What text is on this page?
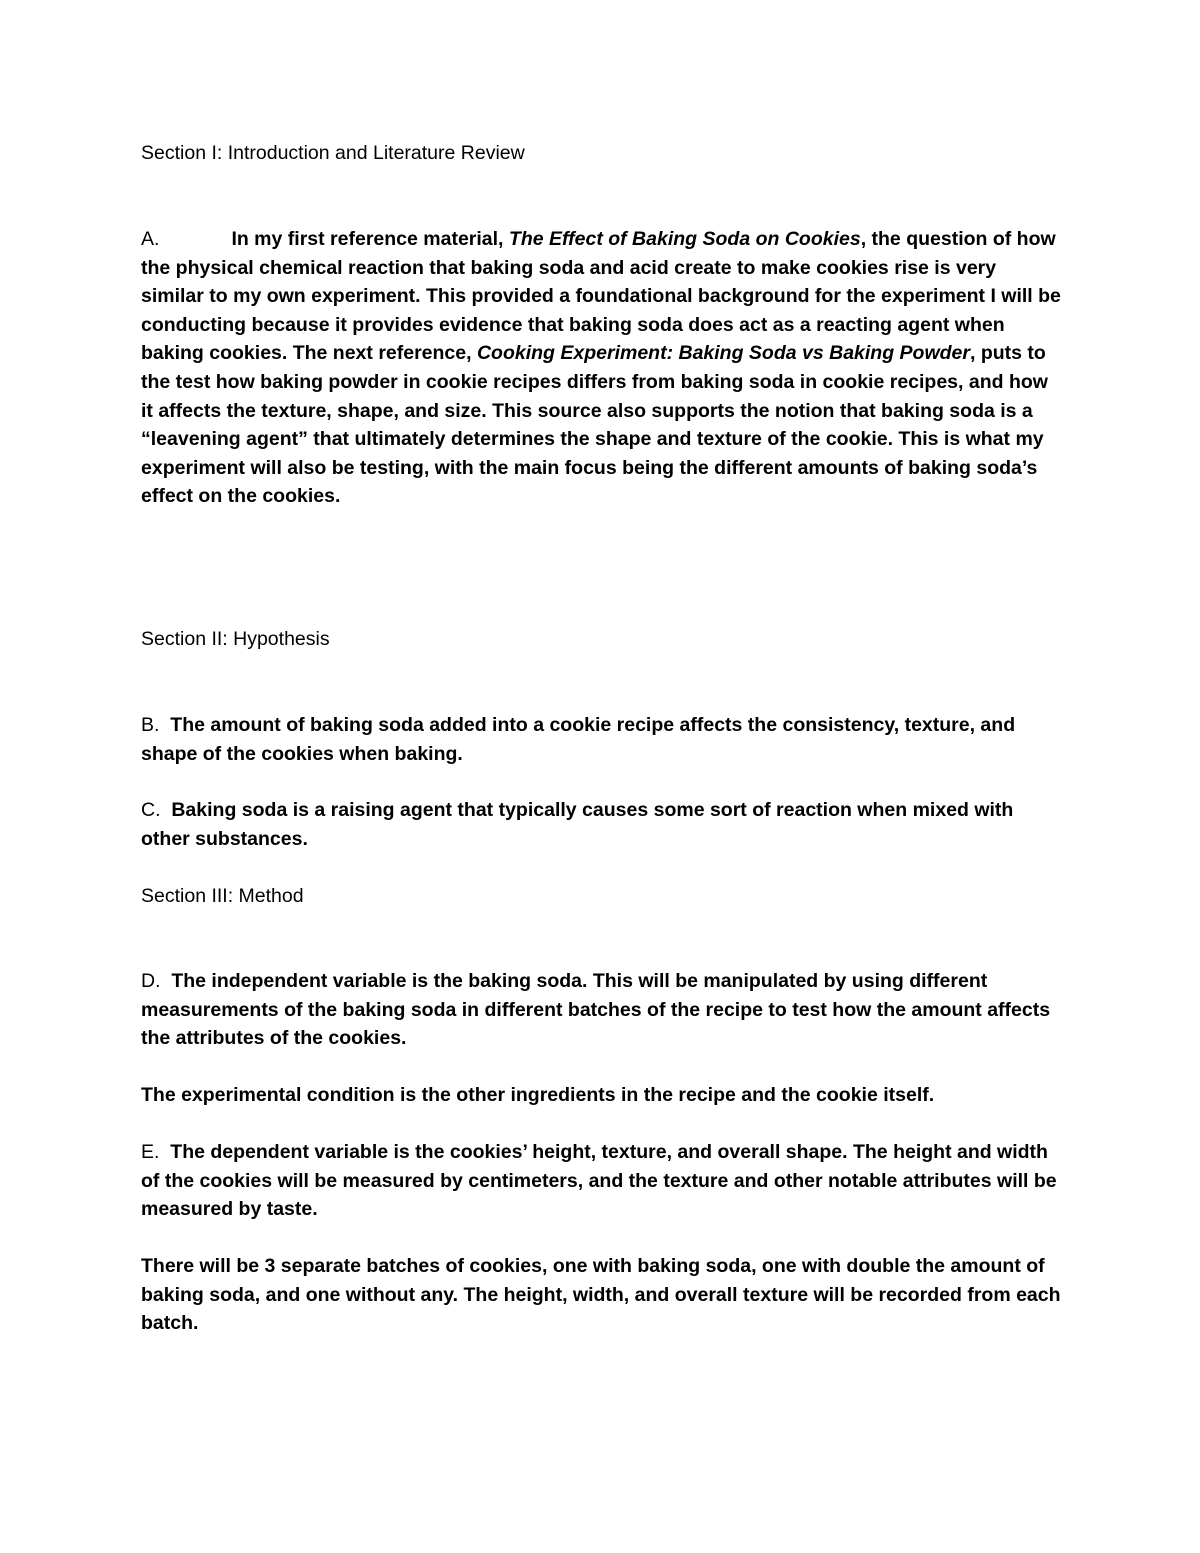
Section I: Introduction and Literature Review

A.	In my first reference material, The Effect of Baking Soda on Cookies, the question of how the physical chemical reaction that baking soda and acid create to make cookies rise is very similar to my own experiment. This provided a foundational background for the experiment I will be conducting because it provides evidence that baking soda does act as a reacting agent when baking cookies. The next reference, Cooking Experiment: Baking Soda vs Baking Powder, puts to the test how baking powder in cookie recipes differs from baking soda in cookie recipes, and how it affects the texture, shape, and size. This source also supports the notion that baking soda is a “leavening agent” that ultimately determines the shape and texture of the cookie. This is what my experiment will also be testing, with the main focus being the different amounts of baking soda’s effect on the cookies.

Section II: Hypothesis

B. The amount of baking soda added into a cookie recipe affects the consistency, texture, and shape of the cookies when baking.

C. Baking soda is a raising agent that typically causes some sort of reaction when mixed with other substances.

Section III: Method

D. The independent variable is the baking soda. This will be manipulated by using different measurements of the baking soda in different batches of the recipe to test how the amount affects the attributes of the cookies.

The experimental condition is the other ingredients in the recipe and the cookie itself.

E. The dependent variable is the cookies’ height, texture, and overall shape. The height and width of the cookies will be measured by centimeters, and the texture and other notable attributes will be measured by taste.

There will be 3 separate batches of cookies, one with baking soda, one with double the amount of baking soda, and one without any. The height, width, and overall texture will be recorded from each batch.
